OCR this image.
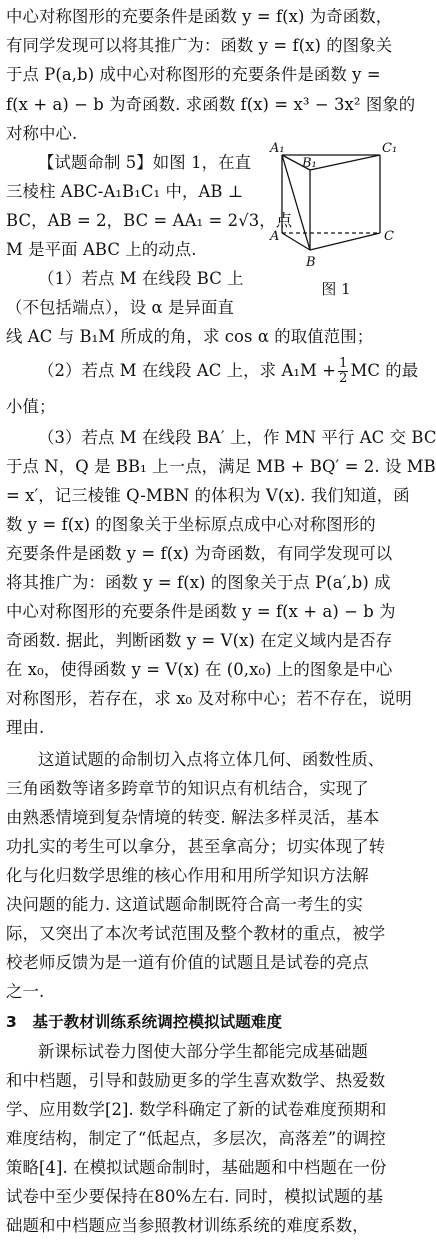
中心对称图形的充要条件是函数 y = f(x) 为奇函数，
有同学发现可以将其推广为：函数 y = f(x) 的图象关
于点 P(a,b) 成中心对称图形的充要条件是函数 y =
f(x + a) − b 为奇函数. 求函数 f(x) = x³ − 3x² 图象的
对称中心.
【试题命制 5】如图 1，在直
三棱柱 ABC-A₁B₁C₁ 中，AB ⊥
BC，AB = 2，BC = AA₁ = 2√3，点
M 是平面 ABC 上的动点.
（1）若点 M 在线段 BC 上
（不包括端点），设 α 是异面直
线 AC 与 B₁M 所成的角，求 cos α 的取值范围；
（2）若点 M 在线段 AC 上，求 $A_1M + \frac{1}{2}$ MC 的最
小值；
（3）若点 M 在线段 BA′ 上，作 MN 平行 AC 交 BC
于点 N，Q 是 BB₁ 上一点，满足 MB + BQ′ = 2. 设 MB
= x′，记三棱锥 Q-MBN 的体积为 V(x). 我们知道，函
数 y = f(x) 的图象关于坐标原点成中心对称图形的
充要条件是函数 y = f(x) 为奇函数，有同学发现可以
将其推广为：函数 y = f(x) 的图象关于点 P(a′,b) 成
中心对称图形的充要条件是函数 y = f(x + a) − b 为
奇函数. 据此，判断函数 y = V(x) 在定义域内是否存
在 x₀，使得函数 y = V(x) 在 (0,x₀) 上的图象是中心
对称图形，若存在，求 x₀ 及对称中心；若不存在，说明
理由.
这道试题的命制切入点将立体几何、函数性质、
三角函数等诸多跨章节的知识点有机结合，实现了
由熟悉情境到复杂情境的转变. 解法多样灵活，基本
功扎实的考生可以拿分，甚至拿高分；切实体现了转
化与化归数学思维的核心作用和用所学知识方法解
决问题的能力. 这道试题命制既符合高一考生的实
际，又突出了本次考试范围及整个教材的重点，被学
校老师反馈为是一道有价值的试题且是试卷的亮点
之一.
3　基于教材训练系统调控模拟试题难度
新课标试卷力图使大部分学生都能完成基础题
和中档题，引导和鼓励更多的学生喜欢数学、热爱数
学、应用数学[2]. 数学科确定了新的试卷难度预期和
难度结构，制定了“低起点，多层次，高落差”的调控
策略[4]. 在模拟试题命制时，基础题和中档题在一份
试卷中至少要保持在80%左右. 同时，模拟试题的基
础题和中档题应当参照教材训练系统的难度系数，
A₁
B₁
C₁
A
B
C
图 1
